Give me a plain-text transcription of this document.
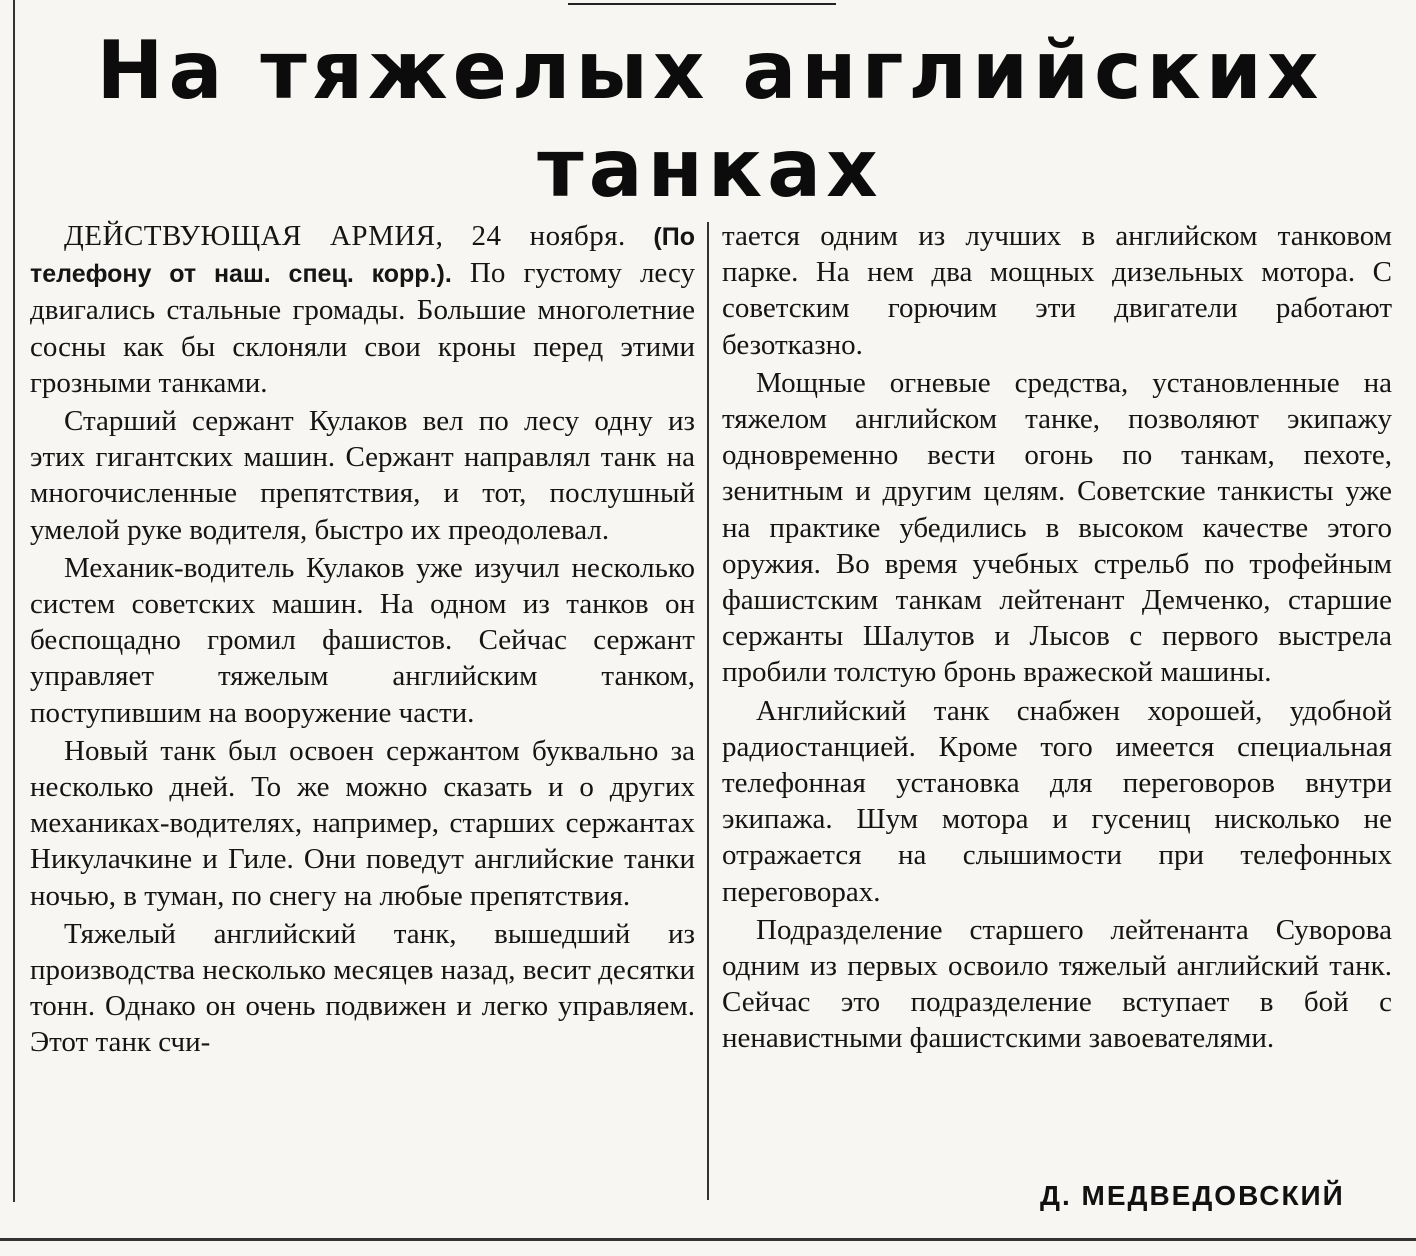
На тяжелых английских танках

ДЕЙСТВУЮЩАЯ АРМИЯ, 24 ноября. (По телефону от наш. спец. корр.). По густому лесу двигались стальные громады. Большие многолетние сосны как бы склоняли свои кроны перед этими грозными танками.

Старший сержант Кулаков вел по лесу одну из этих гигантских машин. Сержант направлял танк на многочисленные препятствия, и тот, послушный умелой руке водителя, быстро их преодолевал.

Механик-водитель Кулаков уже изучил несколько систем советских машин. На одном из танков он беспощадно громил фашистов. Сейчас сержант управляет тяжелым английским танком, поступившим на вооружение части.

Новый танк был освоен сержантом буквально за несколько дней. То же можно сказать и о других механиках-водителях, например, старших сержантах Никулачкине и Гиле. Они поведут английские танки ночью, в туман, по снегу на любые препятствия.

Тяжелый английский танк, вышедший из производства несколько месяцев назад, весит десятки тонн. Однако он очень подвижен и легко управляем. Этот танк счи-

тается одним из лучших в английском танковом парке. На нем два мощных дизельных мотора. С советским горючим эти двигатели работают безотказно.

Мощные огневые средства, установленные на тяжелом английском танке, позволяют экипажу одновременно вести огонь по танкам, пехоте, зенитным и другим целям. Советские танкисты уже на практике убедились в высоком качестве этого оружия. Во время учебных стрельб по трофейным фашистским танкам лейтенант Демченко, старшие сержанты Шалутов и Лысов с первого выстрела пробили толстую бронь вражеской машины.

Английский танк снабжен хорошей, удобной радиостанцией. Кроме того имеется специальная телефонная установка для переговоров внутри экипажа. Шум мотора и гусениц нисколько не отражается на слышимости при телефонных переговорах.

Подразделение старшего лейтенанта Суворова одним из первых освоило тяжелый английский танк. Сейчас это подразделение вступает в бой с ненавистными фашистскими завоевателями.

Д. МЕДВЕДОВСКИЙ
